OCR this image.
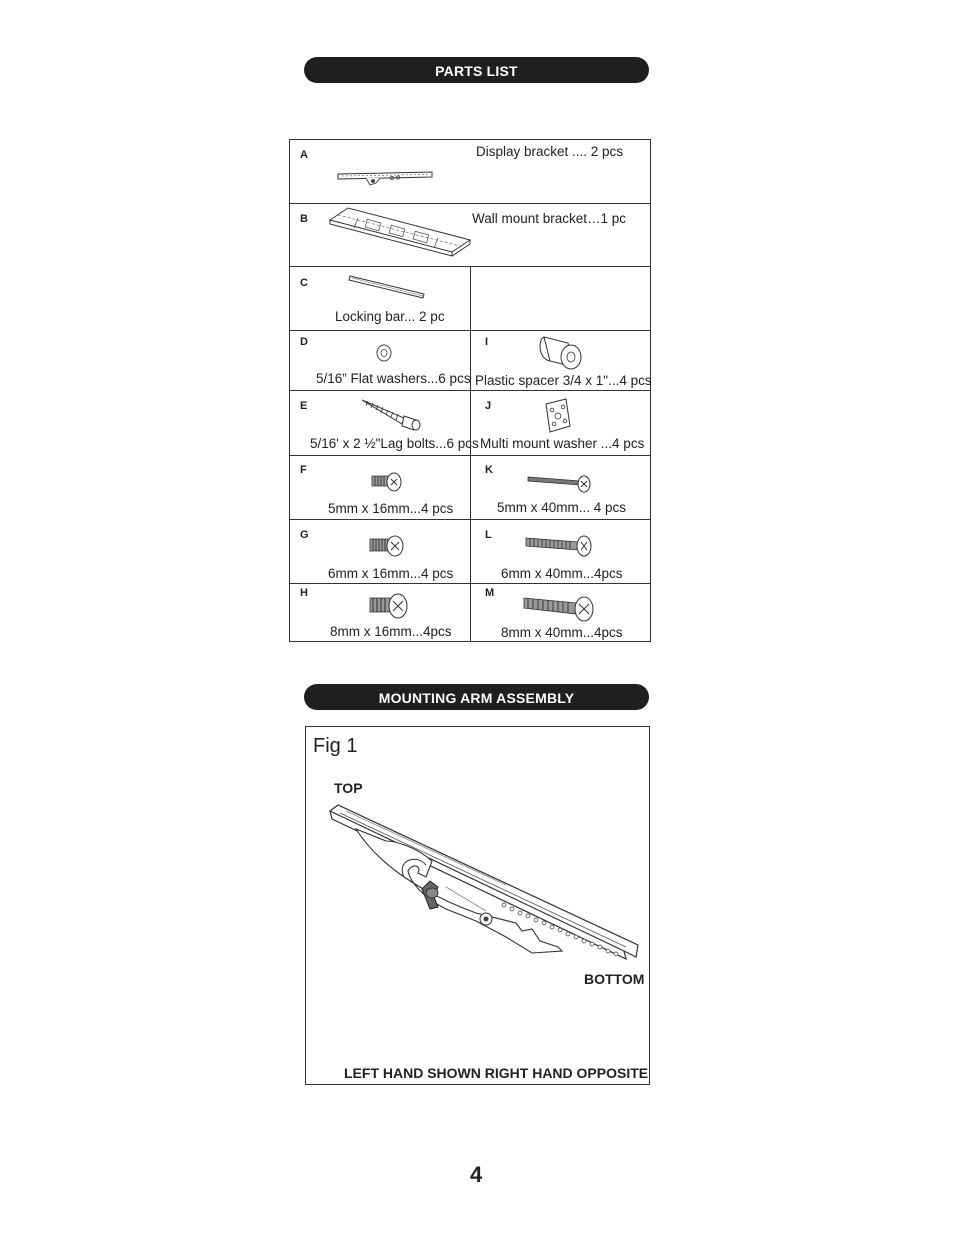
PARTS LIST
A	Display bracket .... 2 pcs
B	Wall mount bracket…1 pc
C
Locking bar... 2 pc
D
5/16” Flat washers...6 pcs
I
Plastic spacer 3/4 x 1"...4 pcs
E
5/16' x 2 ½"Lag bolts...6 pcs
J
Multi mount washer ...4 pcs
F
5mm x 16mm...4 pcs
K
5mm x 40mm... 4 pcs
G
6mm x 16mm...4 pcs
L
6mm x 40mm...4pcs
H
8mm x 16mm...4pcs
M
8mm x 40mm...4pcs
MOUNTING ARM ASSEMBLY
Fig 1
TOP
BOTTOM
LEFT HAND SHOWN RIGHT HAND OPPOSITE
4
